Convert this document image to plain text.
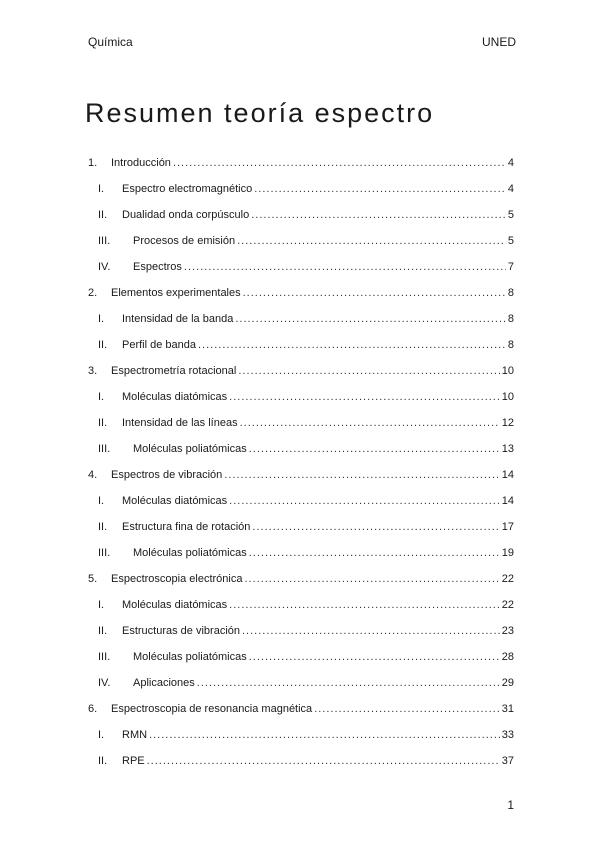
Química	UNED
Resumen teoría espectro
1.	Introducción .....	4
I.	Espectro electromagnético .....	4
II.	Dualidad onda corpúsculo .....	5
III.	Procesos de emisión .....	5
IV.	Espectros .....	7
2.	Elementos experimentales .....	8
I.	Intensidad de la banda .....	8
II.	Perfil de banda .....	8
3.	Espectrometría rotacional .....	10
I.	Moléculas diatómicas .....	10
II.	Intensidad de las líneas .....	12
III.	Moléculas poliatómicas .....	13
4.	Espectros de vibración .....	14
I.	Moléculas diatómicas .....	14
II.	Estructura fina de rotación .....	17
III.	Moléculas poliatómicas .....	19
5.	Espectroscopia electrónica .....	22
I.	Moléculas diatómicas .....	22
II.	Estructuras de vibración .....	23
III.	Moléculas poliatómicas .....	28
IV.	Aplicaciones .....	29
6.	Espectroscopia de resonancia magnética .....	31
I.	RMN .....	33
II.	RPE .....	37
1
